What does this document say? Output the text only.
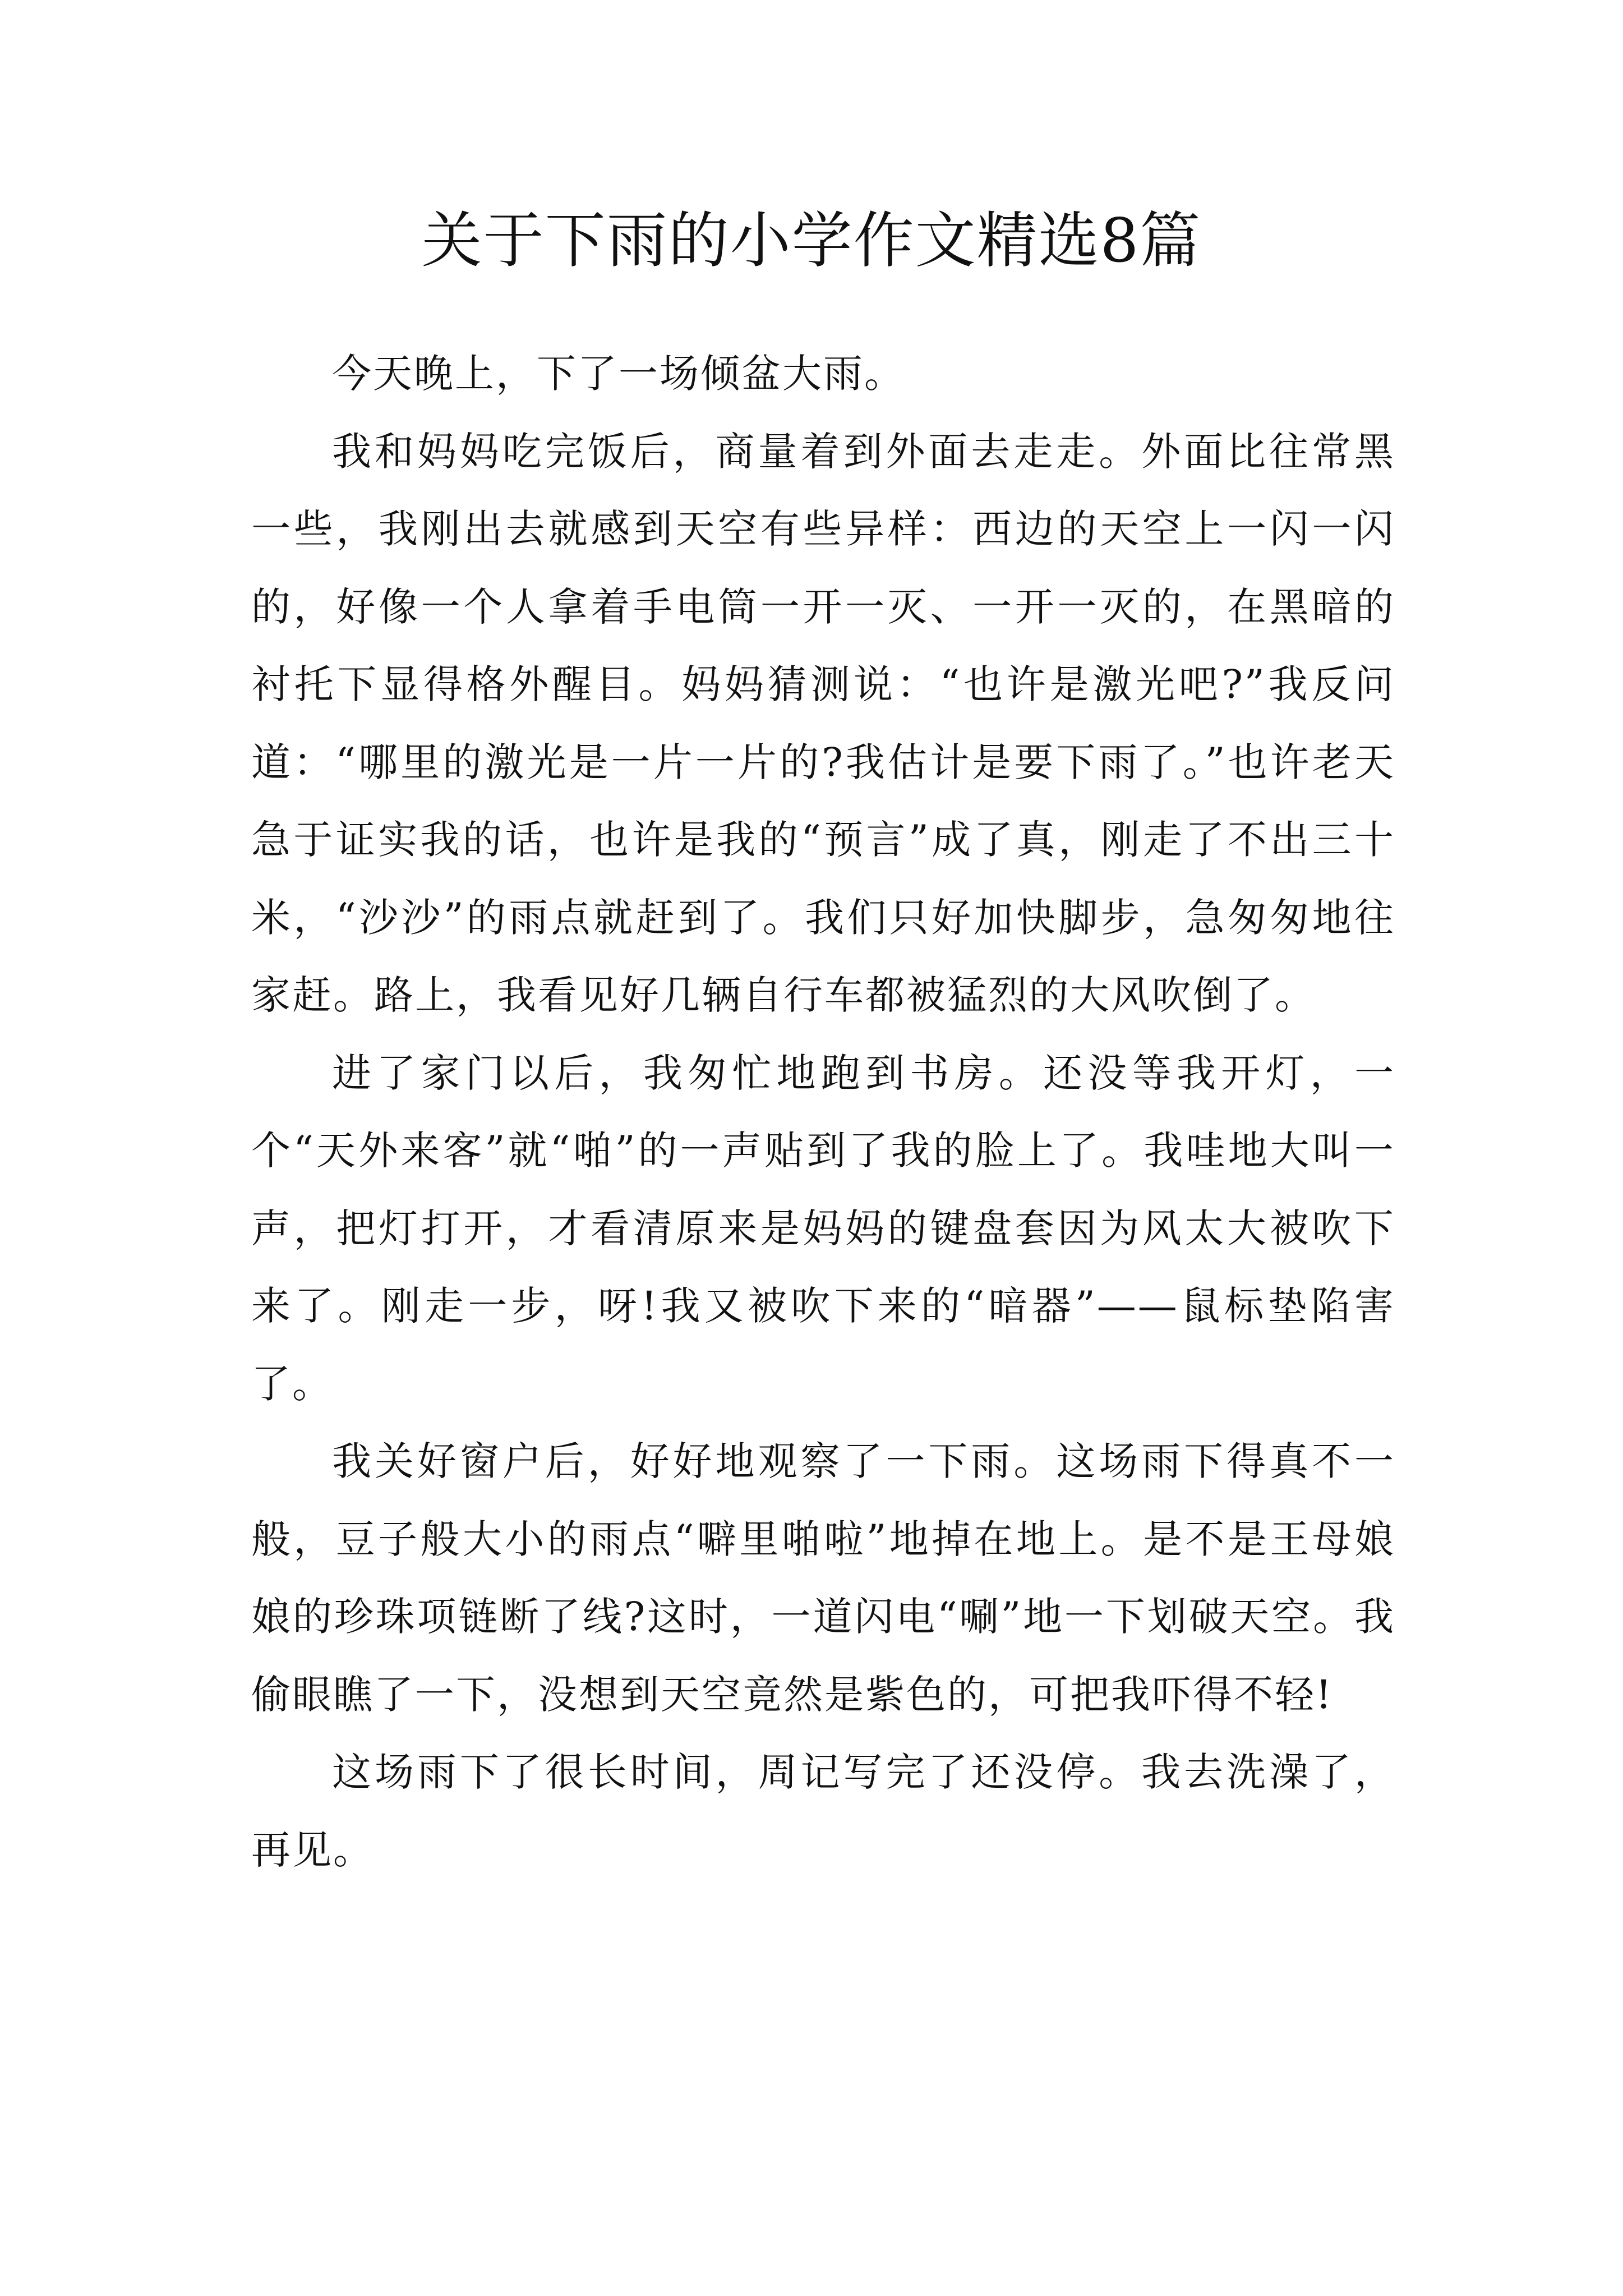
关于下雨的小学作文精选8篇

今天晚上，下了一场倾盆大雨。

我和妈妈吃完饭后，商量着到外面去走走。外面比往常黑一些，我刚出去就感到天空有些异样：西边的天空上一闪一闪的，好像一个人拿着手电筒一开一灭、一开一灭的，在黑暗的衬托下显得格外醒目。妈妈猜测说：“也许是激光吧?”我反问道：“哪里的激光是一片一片的?我估计是要下雨了。”也许老天急于证实我的话，也许是我的“预言”成了真，刚走了不出三十米，“沙沙”的雨点就赶到了。我们只好加快脚步，急匆匆地往家赶。路上，我看见好几辆自行车都被猛烈的大风吹倒了。

进了家门以后，我匆忙地跑到书房。还没等我开灯，一个“天外来客”就“啪”的一声贴到了我的脸上了。我哇地大叫一声，把灯打开，才看清原来是妈妈的键盘套因为风太大被吹下来了。刚走一步，呀!我又被吹下来的“暗器”——鼠标垫陷害了。

我关好窗户后，好好地观察了一下雨。这场雨下得真不一般，豆子般大小的雨点“噼里啪啦”地掉在地上。是不是王母娘娘的珍珠项链断了线?这时，一道闪电“唰”地一下划破天空。我偷眼瞧了一下，没想到天空竟然是紫色的，可把我吓得不轻!

这场雨下了很长时间，周记写完了还没停。我去洗澡了，再见。
